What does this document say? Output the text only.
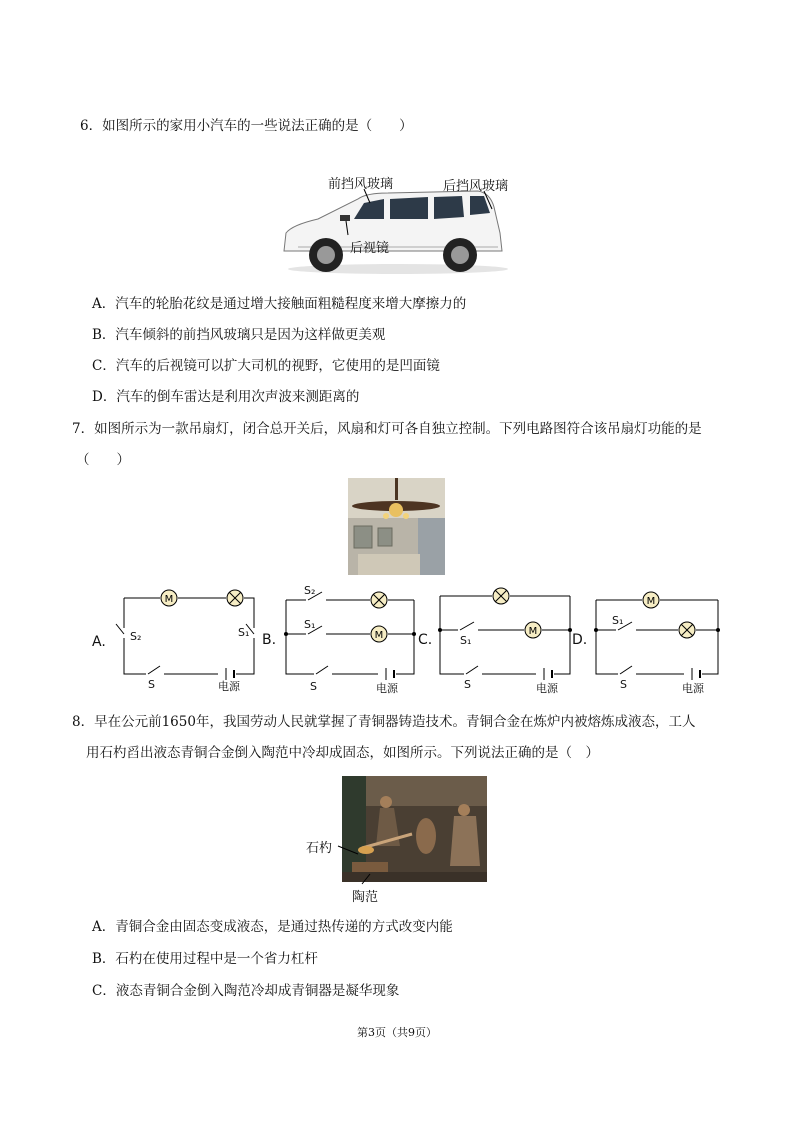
6．如图所示的家用小汽车的一些说法正确的是（　　）
前挡风玻璃	后挡风玻璃
后视镜
A．汽车的轮胎花纹是通过增大接触面粗糙程度来增大摩擦力的
B．汽车倾斜的前挡风玻璃只是因为这样做更美观
C．汽车的后视镜可以扩大司机的视野，它使用的是凹面镜
D．汽车的倒车雷达是利用次声波来测距离的
7．如图所示为一款吊扇灯，闭合总开关后，风扇和灯可各自独立控制。下列电路图符合该吊扇灯功能的是
（　　）
M
A. S₂	S₁
S	电源
M
B.
S₂
S₁
S	电源
M
C.	S₁
S	电源
M
D.
S₁
S	电源
8．早在公元前1650年，我国劳动人民就掌握了青铜器铸造技术。青铜合金在炼炉内被熔炼成液态，工人
用石杓舀出液态青铜合金倒入陶范中冷却成固态，如图所示。下列说法正确的是（　）
石杓
陶范
A．青铜合金由固态变成液态，是通过热传递的方式改变内能
B．石杓在使用过程中是一个省力杠杆
C．液态青铜合金倒入陶范冷却成青铜器是凝华现象
第3页（共9页）
